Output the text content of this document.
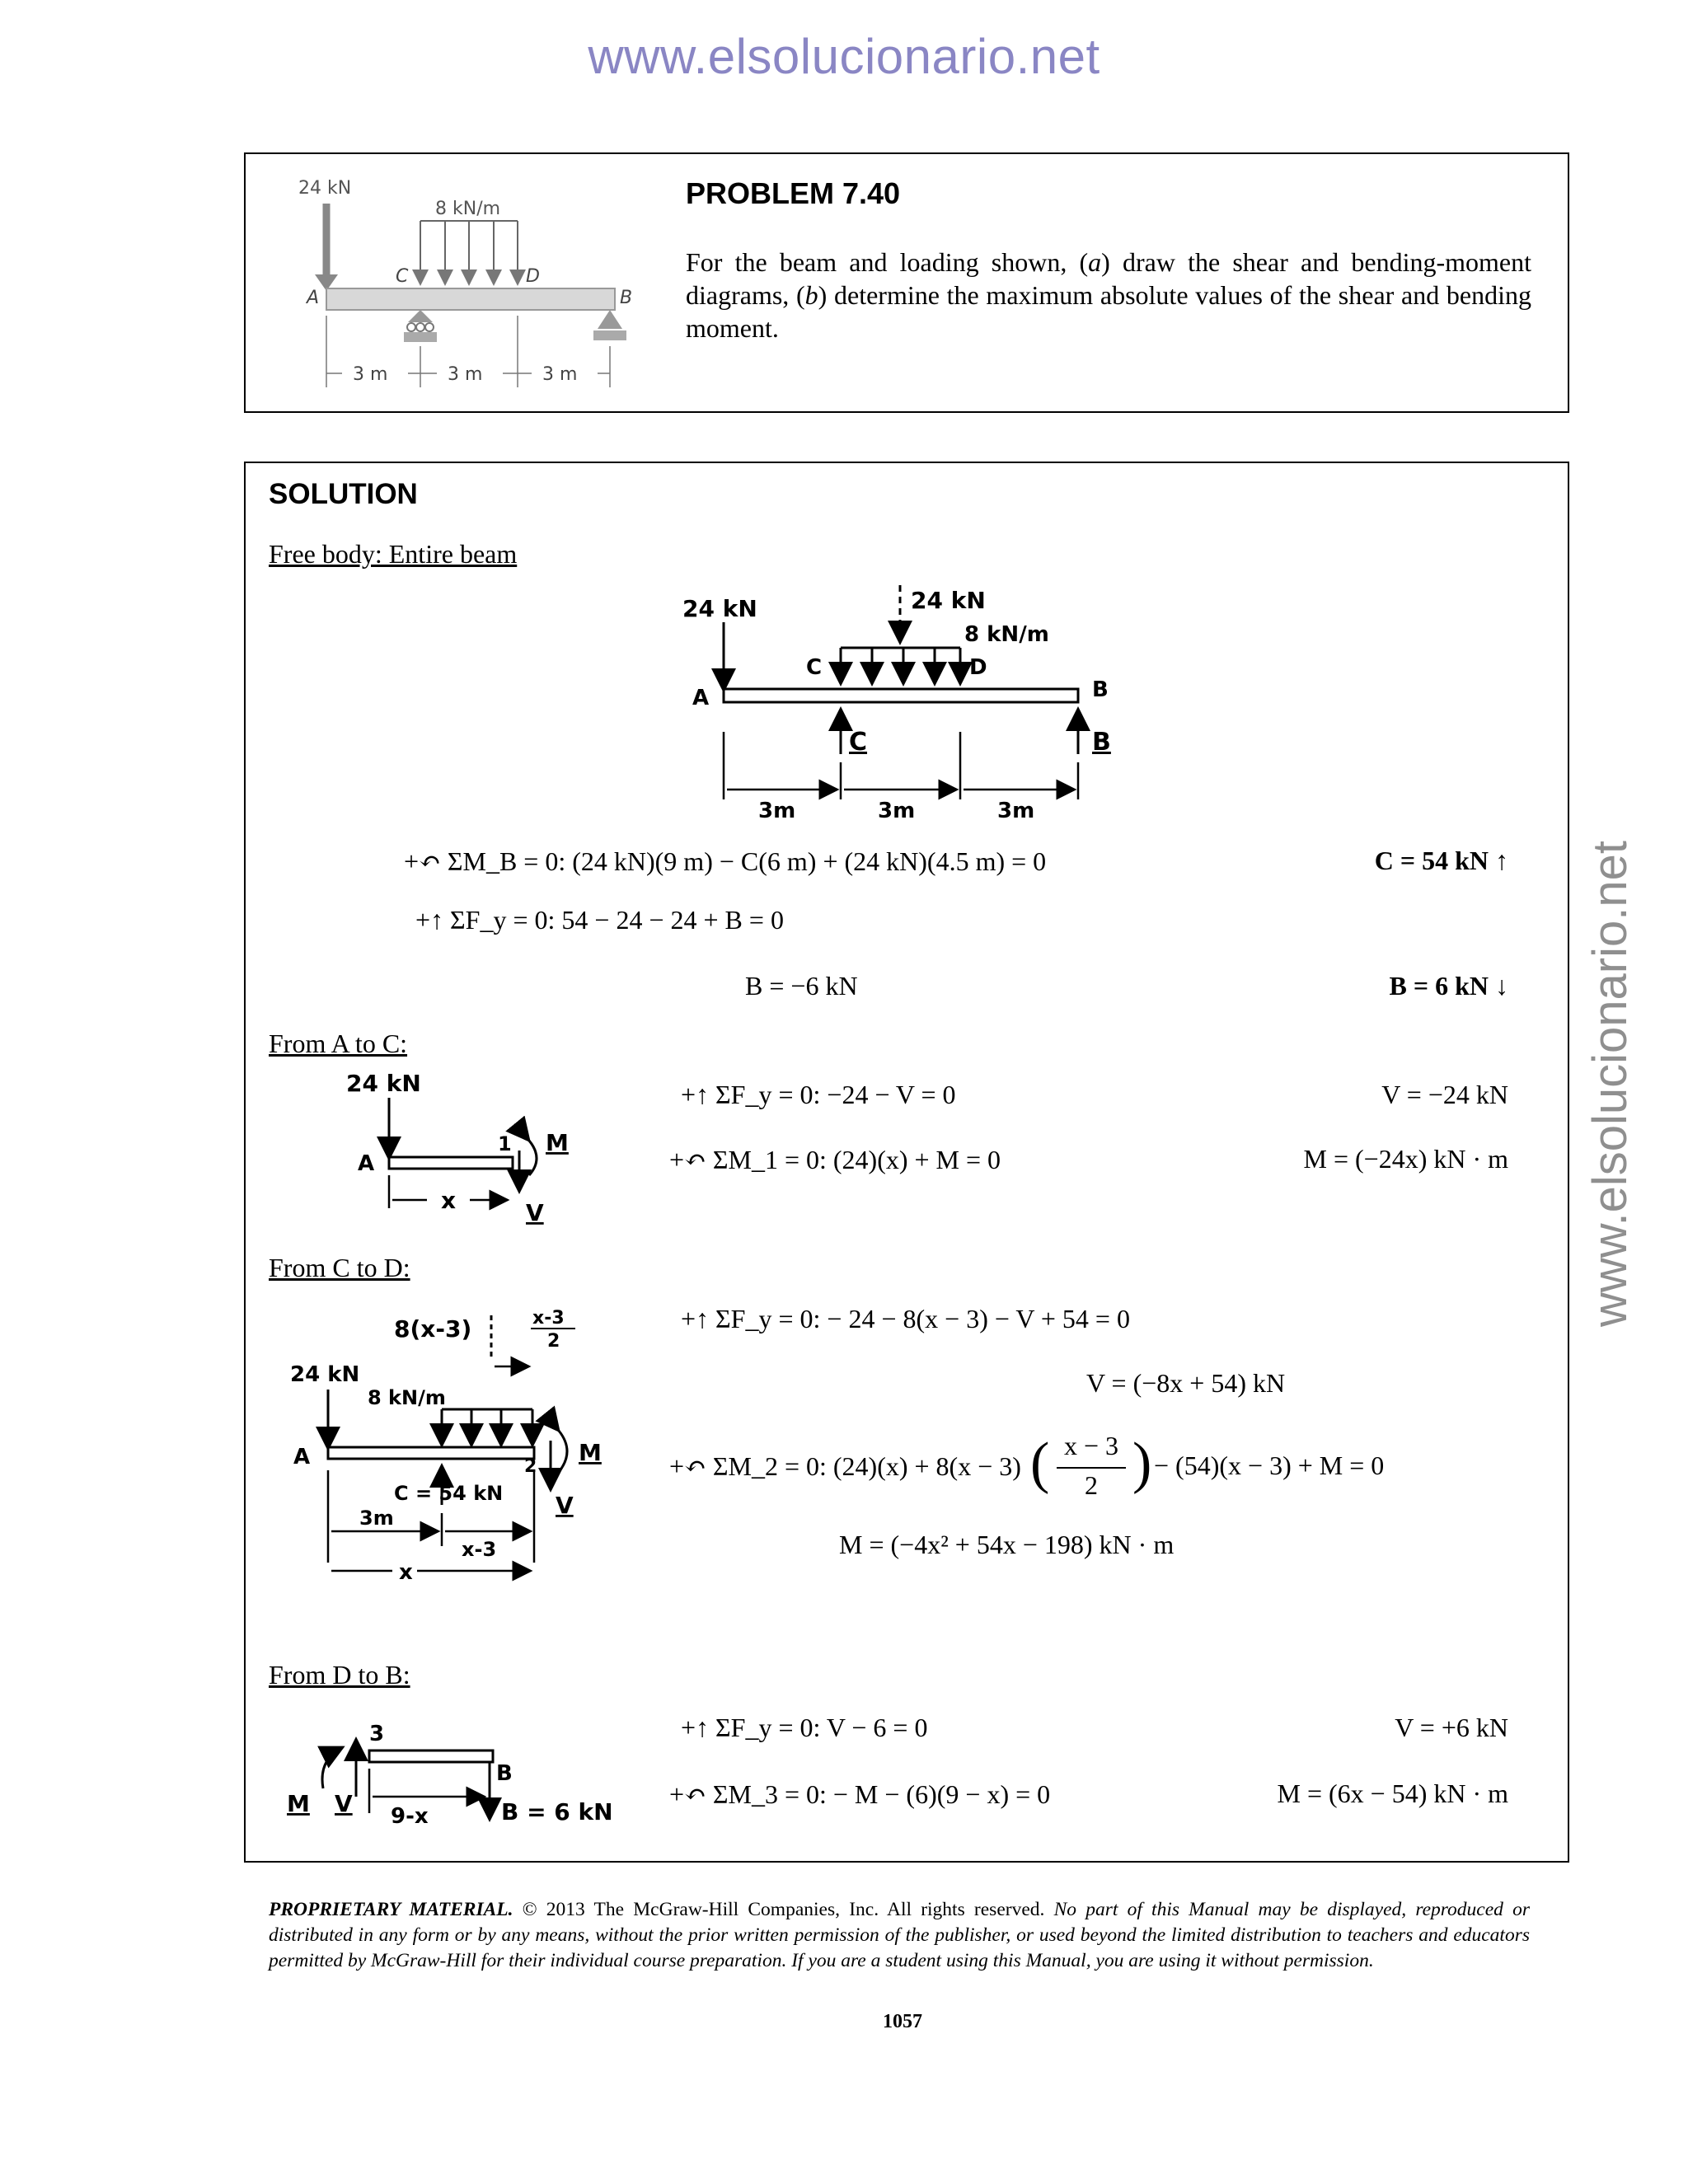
www.elsolucionario.net
www.elsolucionario.net
24 kN
8 kN/m
A
C	D
B
3 m	3 m	3 m
PROBLEM 7.40
For the beam and loading shown, (a) draw the shear and bending-moment diagrams, (b) determine the maximum absolute values of the shear and bending moment.
SOLUTION
Free body: Entire beam
24 kN	24 kN
8 kN/m
C	D
A	B
C	B
3m	3m	3m
+↶ ΣM_B = 0: (24 kN)(9 m) − C(6 m) + (24 kN)(4.5 m) = 0	C = 54 kN ↑
+↑ ΣF_y = 0: 54 − 24 − 24 + B = 0
B = −6 kN	B = 6 kN ↓
From A to C:
24 kN
A
1 M
V
x
+↑ ΣF_y = 0: −24 − V = 0	V = −24 kN
+↶ ΣM_1 = 0: (24)(x) + M = 0	M = (−24x) kN · m
From C to D:
8(x-3)	x-3
2
24 kN
8 kN/m
A	2
M
V
C = 54 kN
3m
x-3
x
+↑ ΣF_y = 0: − 24 − 8(x − 3) − V + 54 = 0
V = (−8x + 54) kN
+↶ ΣM_2 = 0: (24)(x) + 8(x − 3) ( x − 3
2 ) − (54)(x − 3) + M = 0
M = (−4x² + 54x − 198) kN · m
From D to B:
3
B
M V 9-x	B = 6 kN
+↑ ΣF_y = 0: V − 6 = 0	V = +6 kN
+↶ ΣM_3 = 0: − M − (6)(9 − x) = 0	M = (6x − 54) kN · m
PROPRIETARY MATERIAL. © 2013 The McGraw-Hill Companies, Inc. All rights reserved. No part of this Manual may be displayed, reproduced or distributed in any form or by any means, without the prior written permission of the publisher, or used beyond the limited distribution to teachers and educators permitted by McGraw-Hill for their individual course preparation. If you are a student using this Manual, you are using it without permission.
1057
